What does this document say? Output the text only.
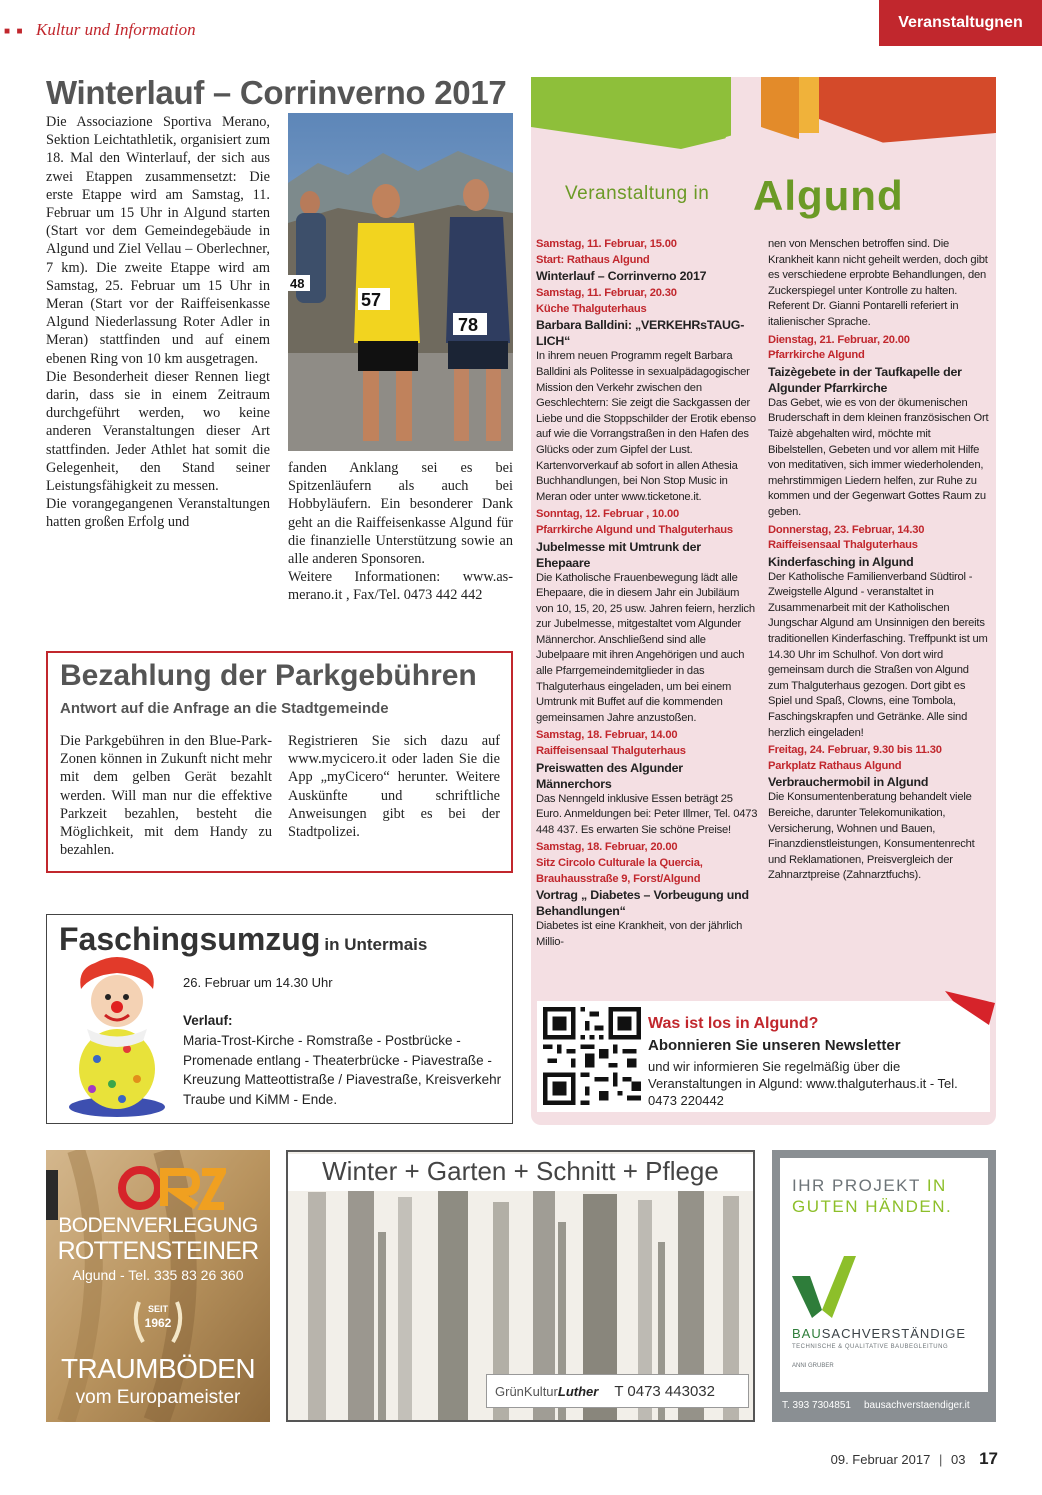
■ ■ Kultur und Information	Veranstaltugnen
Winterlauf – Corrinverno 2017

Die Associazione Sportiva Merano, Sektion Leichtathletik, organisiert zum 18. Mal den Winterlauf, der sich aus zwei Etappen zusammensetzt: Die erste Etappe wird am Samstag, 11. Februar um 15 Uhr in Algund starten (Start vor dem Gemeindegebäude in Algund und Ziel Vellau – Oberlechner, 7 km). Die zweite Etappe wird am Samstag, 25. Februar um 15 Uhr in Meran (Start vor der Raiffeisenkasse Algund Niederlassung Roter Adler in Meran) stattfinden und auf einem ebenen Ring von 10 km ausgetragen.

Die Besonderheit dieser Rennen liegt darin, dass sie in einem Zeitraum durchgeführt werden, wo keine anderen Veranstaltungen dieser Art stattfinden. Jeder Athlet hat somit die Gelegenheit, den Stand seiner Leistungsfähigkeit zu messen.

Die vorangegangenen Veranstaltungen hatten großen Erfolg und

48
57
78

fanden Anklang sei es bei Spitzenläufern als auch bei Hobbyläufern. Ein besonderer Dank geht an die Raiffeisenkasse Algund für die finanzielle Unterstützung sowie an alle anderen Sponsoren.

Weitere Informationen: www.as-merano.it , Fax/Tel. 0473 442 442

Bezahlung der Parkgebühren
Antwort auf die Anfrage an die Stadtgemeinde
Die Parkgebühren in den Blue-Park-Zonen können in Zukunft nicht mehr mit dem gelben Gerät bezahlt werden. Will man nur die effektive Parkzeit bezahlen, besteht die Möglichkeit, mit dem Handy zu bezahlen.
Registrieren Sie sich dazu auf www.mycicero.it oder laden Sie die App „myCicero“ herunter. Weitere Auskünfte und schriftliche Anweisungen gibt es bei der Stadtpolizei.
Faschingsumzug in Untermais
26. Februar um 14.30 Uhr
Verlauf:
Maria-Trost-Kirche - Romstraße - Postbrücke - Promenade entlang - Theaterbrücke - Piavestraße - Kreuzung Matteottistraße / Piavestraße, Kreisverkehr Traube und KiMM - Ende.
Veranstaltung in Algund

Samstag, 11. Februar, 15.00

Start: Rathaus Algund

Winterlauf – Corrinverno 2017

Samstag, 11. Februar, 20.30

Küche Thalguterhaus

Barbara Balldini: „VERKEHRsTAUG-LICH“

In ihrem neuen Programm regelt Barbara Balldini als Politesse in sexualpädagogischer Mission den Verkehr zwischen den Geschlechtern: Sie zeigt die Sackgassen der Liebe und die Stoppschilder der Erotik ebenso auf wie die Vorrangstraßen in den Hafen des Glücks oder zum Gipfel der Lust. Kartenvorverkauf ab sofort in allen Athesia Buchhandlungen, bei Non Stop Music in Meran oder unter www.ticketone.it.

Sonntag, 12. Februar , 10.00

Pfarrkirche Algund und Thalguterhaus

Jubelmesse mit Umtrunk der Ehepaare

Die Katholische Frauenbewegung lädt alle Ehepaare, die in diesem Jahr ein Jubiläum von 10, 15, 20, 25 usw. Jahren feiern, herzlich zur Jubelmesse, mitgestaltet vom Algunder Männerchor. Anschließend sind alle Jubelpaare mit ihren Angehörigen und auch alle Pfarrgemeindemitglieder in das Thalguterhaus eingeladen, um bei einem Umtrunk mit Buffet auf die kommenden gemeinsamen Jahre anzustoßen.

Samstag, 18. Februar, 14.00

Raiffeisensaal Thalguterhaus

Preiswatten des Algunder Männerchors

Das Nenngeld inklusive Essen beträgt 25 Euro. Anmeldungen bei: Peter Illmer, Tel. 0473 448 437. Es erwarten Sie schöne Preise!

Samstag, 18. Februar, 20.00

Sitz Circolo Culturale la Quercia, Brauhausstraße 9, Forst/Algund

Vortrag „ Diabetes – Vorbeugung und Behandlungen“

Diabetes ist eine Krankheit, von der jährlich Millio-

nen von Menschen betroffen sind. Die Krankheit kann nicht geheilt werden, doch gibt es verschiedene erprobte Behandlungen, den Zuckerspiegel unter Kontrolle zu halten. Referent Dr. Gianni Pontarelli referiert in italienischer Sprache.

Dienstag, 21. Februar, 20.00

Pfarrkirche Algund

Taizègebete in der Taufkapelle der Algunder Pfarrkirche

Das Gebet, wie es von der ökumenischen Bruderschaft in dem kleinen französischen Ort Taizè abgehalten wird, möchte mit Bibelstellen, Gebeten und vor allem mit Hilfe von meditativen, sich immer wiederholenden, mehrstimmigen Liedern helfen, zur Ruhe zu kommen und der Gegenwart Gottes Raum zu geben.

Donnerstag, 23. Februar, 14.30

Raiffeisensaal Thalguterhaus

Kinderfasching in Algund

Der Katholische Familienverband Südtirol - Zweigstelle Algund - veranstaltet in Zusammenarbeit mit der Katholischen Jungschar Algund am Unsinnigen den bereits traditionellen Kinderfasching. Treffpunkt ist um 14.30 Uhr im Schulhof. Von dort wird gemeinsam durch die Straßen von Algund zum Thalguterhaus gezogen. Dort gibt es Spiel und Spaß, Clowns, eine Tombola, Faschingskrapfen und Getränke. Alle sind herzlich eingeladen!

Freitag, 24. Februar, 9.30 bis 11.30

Parkplatz Rathaus Algund

Verbrauchermobil in Algund

Die Konsumentenberatung behandelt viele Bereiche, darunter Telekomunikation, Versicherung, Wohnen und Bauen, Finanzdienstleistungen, Konsumentenrecht und Reklamationen, Preisvergleich der Zahnarztpreise (Zahnarztfuchs).

Was ist los in Algund?
Abonnieren Sie unseren Newsletter
und wir informieren Sie regelmäßig über die Veranstaltungen in Algund: www.thalguterhaus.it - Tel. 0473 220442
BODENVERLEGUNG
ROTTENSTEINER
Algund - Tel. 335 83 26 360
SEIT
1962
TRAUMBÖDEN
vom Europameister
Winter + Garten + Schnitt + Pflege
GrünKultur Luther T 0473 443032
IHR PROJEKT IN
GUTEN HÄNDEN.
BAUSACHVERSTÄNDIGE
TECHNISCHE & QUALITATIVE BAUBEGLEITUNG
ANNI GRUBER
T. 393 7304851 bausachverstaendiger.it
09. Februar 2017 | 03 17
